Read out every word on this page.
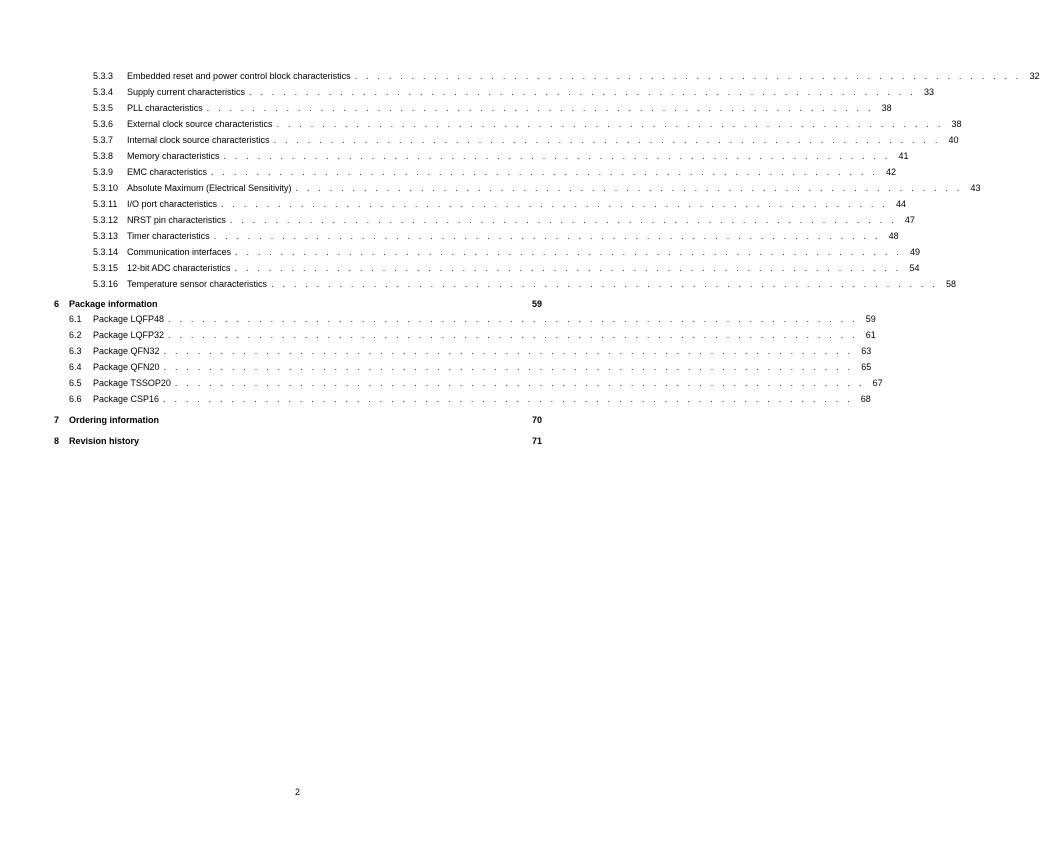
5.3.3	Embedded reset and power control block characteristics . . . . . . . . . . . . . . . . . . . . . . . . . . . . . . . . . . . . . . . . . . . . . . . . . . . . . . . . . . . 32
5.3.4	Supply current characteristics . . . . . . . . . . . . . . . . . . . . . . . . . . . . . . . . . . . . . . . . . . . . . . . . . . . . . . . . . . . 33
5.3.5	PLL characteristics . . . . . . . . . . . . . . . . . . . . . . . . . . . . . . . . . . . . . . . . . . . . . . . . . . . . . . . . . . . 38
5.3.6	External clock source characteristics . . . . . . . . . . . . . . . . . . . . . . . . . . . . . . . . . . . . . . . . . . . . . . . . . . . . . . . . . . . 38
5.3.7	Internal clock source characteristics . . . . . . . . . . . . . . . . . . . . . . . . . . . . . . . . . . . . . . . . . . . . . . . . . . . . . . . . . . . 40
5.3.8	Memory characteristics . . . . . . . . . . . . . . . . . . . . . . . . . . . . . . . . . . . . . . . . . . . . . . . . . . . . . . . . . . . 41
5.3.9	EMC characteristics . . . . . . . . . . . . . . . . . . . . . . . . . . . . . . . . . . . . . . . . . . . . . . . . . . . . . . . . . . . 42
5.3.10 Absolute Maximum (Electrical Sensitivity) . . . . . . . . . . . . . . . . . . . . . . . . . . . . . . . . . . . . . . . . . . . . . . . . . . . . . . . . . . . 43
5.3.11	I/O port characteristics . . . . . . . . . . . . . . . . . . . . . . . . . . . . . . . . . . . . . . . . . . . . . . . . . . . . . . . . . . . 44
5.3.12 NRST pin characteristics . . . . . . . . . . . . . . . . . . . . . . . . . . . . . . . . . . . . . . . . . . . . . . . . . . . . . . . . . . . 47
5.3.13 Timer characteristics . . . . . . . . . . . . . . . . . . . . . . . . . . . . . . . . . . . . . . . . . . . . . . . . . . . . . . . . . . . 48
5.3.14 Communication interfaces . . . . . . . . . . . . . . . . . . . . . . . . . . . . . . . . . . . . . . . . . . . . . . . . . . . . . . . . . . . 49
5.3.15 12-bit ADC characteristics . . . . . . . . . . . . . . . . . . . . . . . . . . . . . . . . . . . . . . . . . . . . . . . . . . . . . . . . . . . 54
5.3.16 Temperature sensor characteristics . . . . . . . . . . . . . . . . . . . . . . . . . . . . . . . . . . . . . . . . . . . . . . . . . . . . . . . . . . . 58
6	Package information	59
6.1	Package LQFP48 . . . . . . . . . . . . . . . . . . . . . . . . . . . . . . . . . . . . . . . . . . . . . . . . . . . . . . . . . . . . . 59
6.2	Package LQFP32 . . . . . . . . . . . . . . . . . . . . . . . . . . . . . . . . . . . . . . . . . . . . . . . . . . . . . . . . . . . . . 61
6.3	Package QFN32 . . . . . . . . . . . . . . . . . . . . . . . . . . . . . . . . . . . . . . . . . . . . . . . . . . . . . . . . . . . . . 63
6.4	Package QFN20 . . . . . . . . . . . . . . . . . . . . . . . . . . . . . . . . . . . . . . . . . . . . . . . . . . . . . . . . . . . . . 65
6.5	Package TSSOP20 . . . . . . . . . . . . . . . . . . . . . . . . . . . . . . . . . . . . . . . . . . . . . . . . . . . . . . . . . . . . . 67
6.6	Package CSP16 . . . . . . . . . . . . . . . . . . . . . . . . . . . . . . . . . . . . . . . . . . . . . . . . . . . . . . . . . . . . . 68
7	Ordering information	70
8	Revision history	71
2
